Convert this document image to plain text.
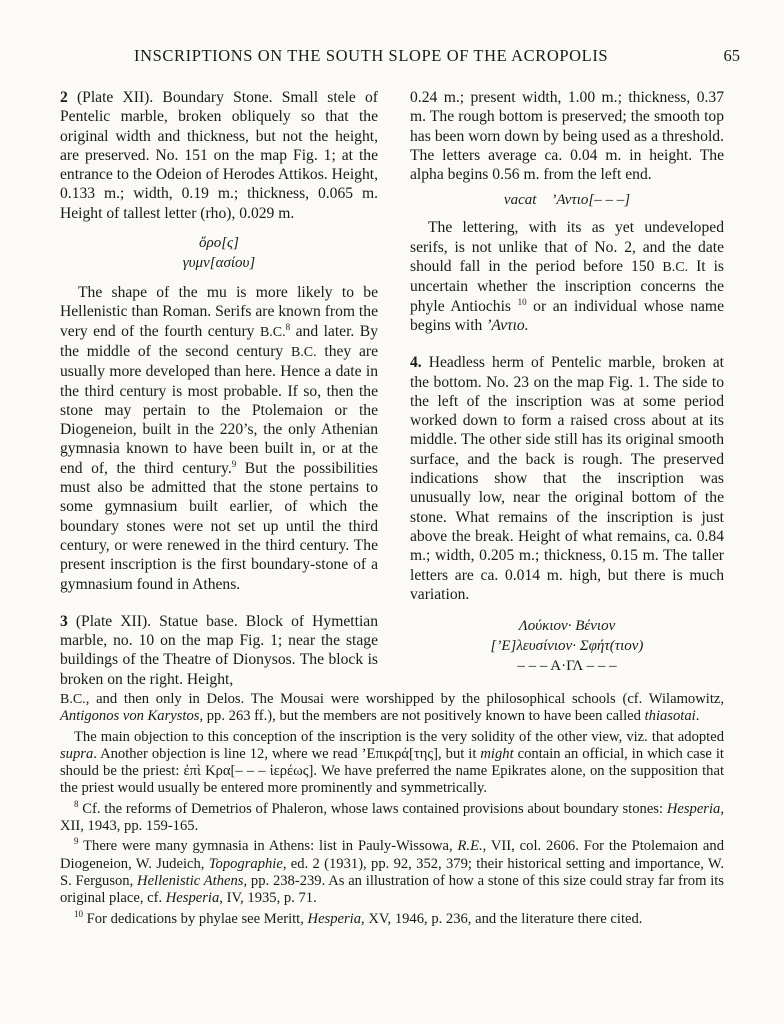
INSCRIPTIONS ON THE SOUTH SLOPE OF THE ACROPOLIS	65

2 (Plate XII). Boundary Stone. Small stele of Pentelic marble, broken obliquely so that the original width and thickness, but not the height, are preserved. No. 151 on the map Fig. 1; at the entrance to the Odeion of Herodes Attikos. Height, 0.133 m.; width, 0.19 m.; thickness, 0.065 m. Height of tallest letter (rho), 0.029 m.

ὅρο[ς]
γυμν[ασίου]

The shape of the mu is more likely to be Hellenistic than Roman. Serifs are known from the very end of the fourth century B.C.$^8$ and later. By the middle of the second century B.C. they are usually more developed than here. Hence a date in the third century is most probable. If so, then the stone may pertain to the Ptolemaion or the Diogeneion, built in the 220’s, the only Athenian gymnasia known to have been built in, or at the end of, the third century.$^9$ But the possibilities must also be admitted that the stone pertains to some gymnasium built earlier, of which the boundary stones were not set up until the third century, or were renewed in the third century. The present inscription is the first boundary-stone of a gymnasium found in Athens.

3 (Plate XII). Statue base. Block of Hymettian marble, no. 10 on the map Fig. 1; near the stage buildings of the Theatre of Dionysos. The block is broken on the right. Height,

0.24 m.; present width, 1.00 m.; thickness, 0.37 m. The rough bottom is preserved; the smooth top has been worn down by being used as a threshold. The letters average ca. 0.04 m. in height. The alpha begins 0.56 m. from the left end.

vacat ’Αντιο[– – –]

The lettering, with its as yet undeveloped serifs, is not unlike that of No. 2, and the date should fall in the period before 150 B.C. It is uncertain whether the inscription concerns the phyle Antiochis $^{10}$ or an individual whose name begins with ’Αντιο.

4. Headless herm of Pentelic marble, broken at the bottom. No. 23 on the map Fig. 1. The side to the left of the inscription was at some period worked down to form a raised cross about at its middle. The other side still has its original smooth surface, and the back is rough. The preserved indications show that the inscription was unusually low, near the original bottom of the stone. What remains of the inscription is just above the break. Height of what remains, ca. 0.84 m.; width, 0.205 m.; thickness, 0.15 m. The taller letters are ca. 0.014 m. high, but there is much variation.

Λούκιον· Βένιον
[’Ε]λευσίνιον· Σφήτ(τιον)
– – – Α·ΓΛ – – –

B.C., and then only in Delos. The Mousai were worshipped by the philosophical schools (cf. Wilamowitz, Antigonos von Karystos, pp. 263 ff.), but the members are not positively known to have been called thiasotai.

The main objection to this conception of the inscription is the very solidity of the other view, viz. that adopted supra. Another objection is line 12, where we read ’Επικρά[της], but it might contain an official, in which case it should be the priest: ἐπὶ Κρα[– – – ἱερέως]. We have preferred the name Epikrates alone, on the supposition that the priest would usually be entered more prominently and symmetrically.

$^8$ Cf. the reforms of Demetrios of Phaleron, whose laws contained provisions about boundary stones: Hesperia, XII, 1943, pp. 159-165.

$^9$ There were many gymnasia in Athens: list in Pauly-Wissowa, R.E., VII, col. 2606. For the Ptolemaion and Diogeneion, W. Judeich, Topographie, ed. 2 (1931), pp. 92, 352, 379; their historical setting and importance, W. S. Ferguson, Hellenistic Athens, pp. 238-239. As an illustration of how a stone of this size could stray far from its original place, cf. Hesperia, IV, 1935, p. 71.

$^{10}$ For dedications by phylae see Meritt, Hesperia, XV, 1946, p. 236, and the literature there cited.
